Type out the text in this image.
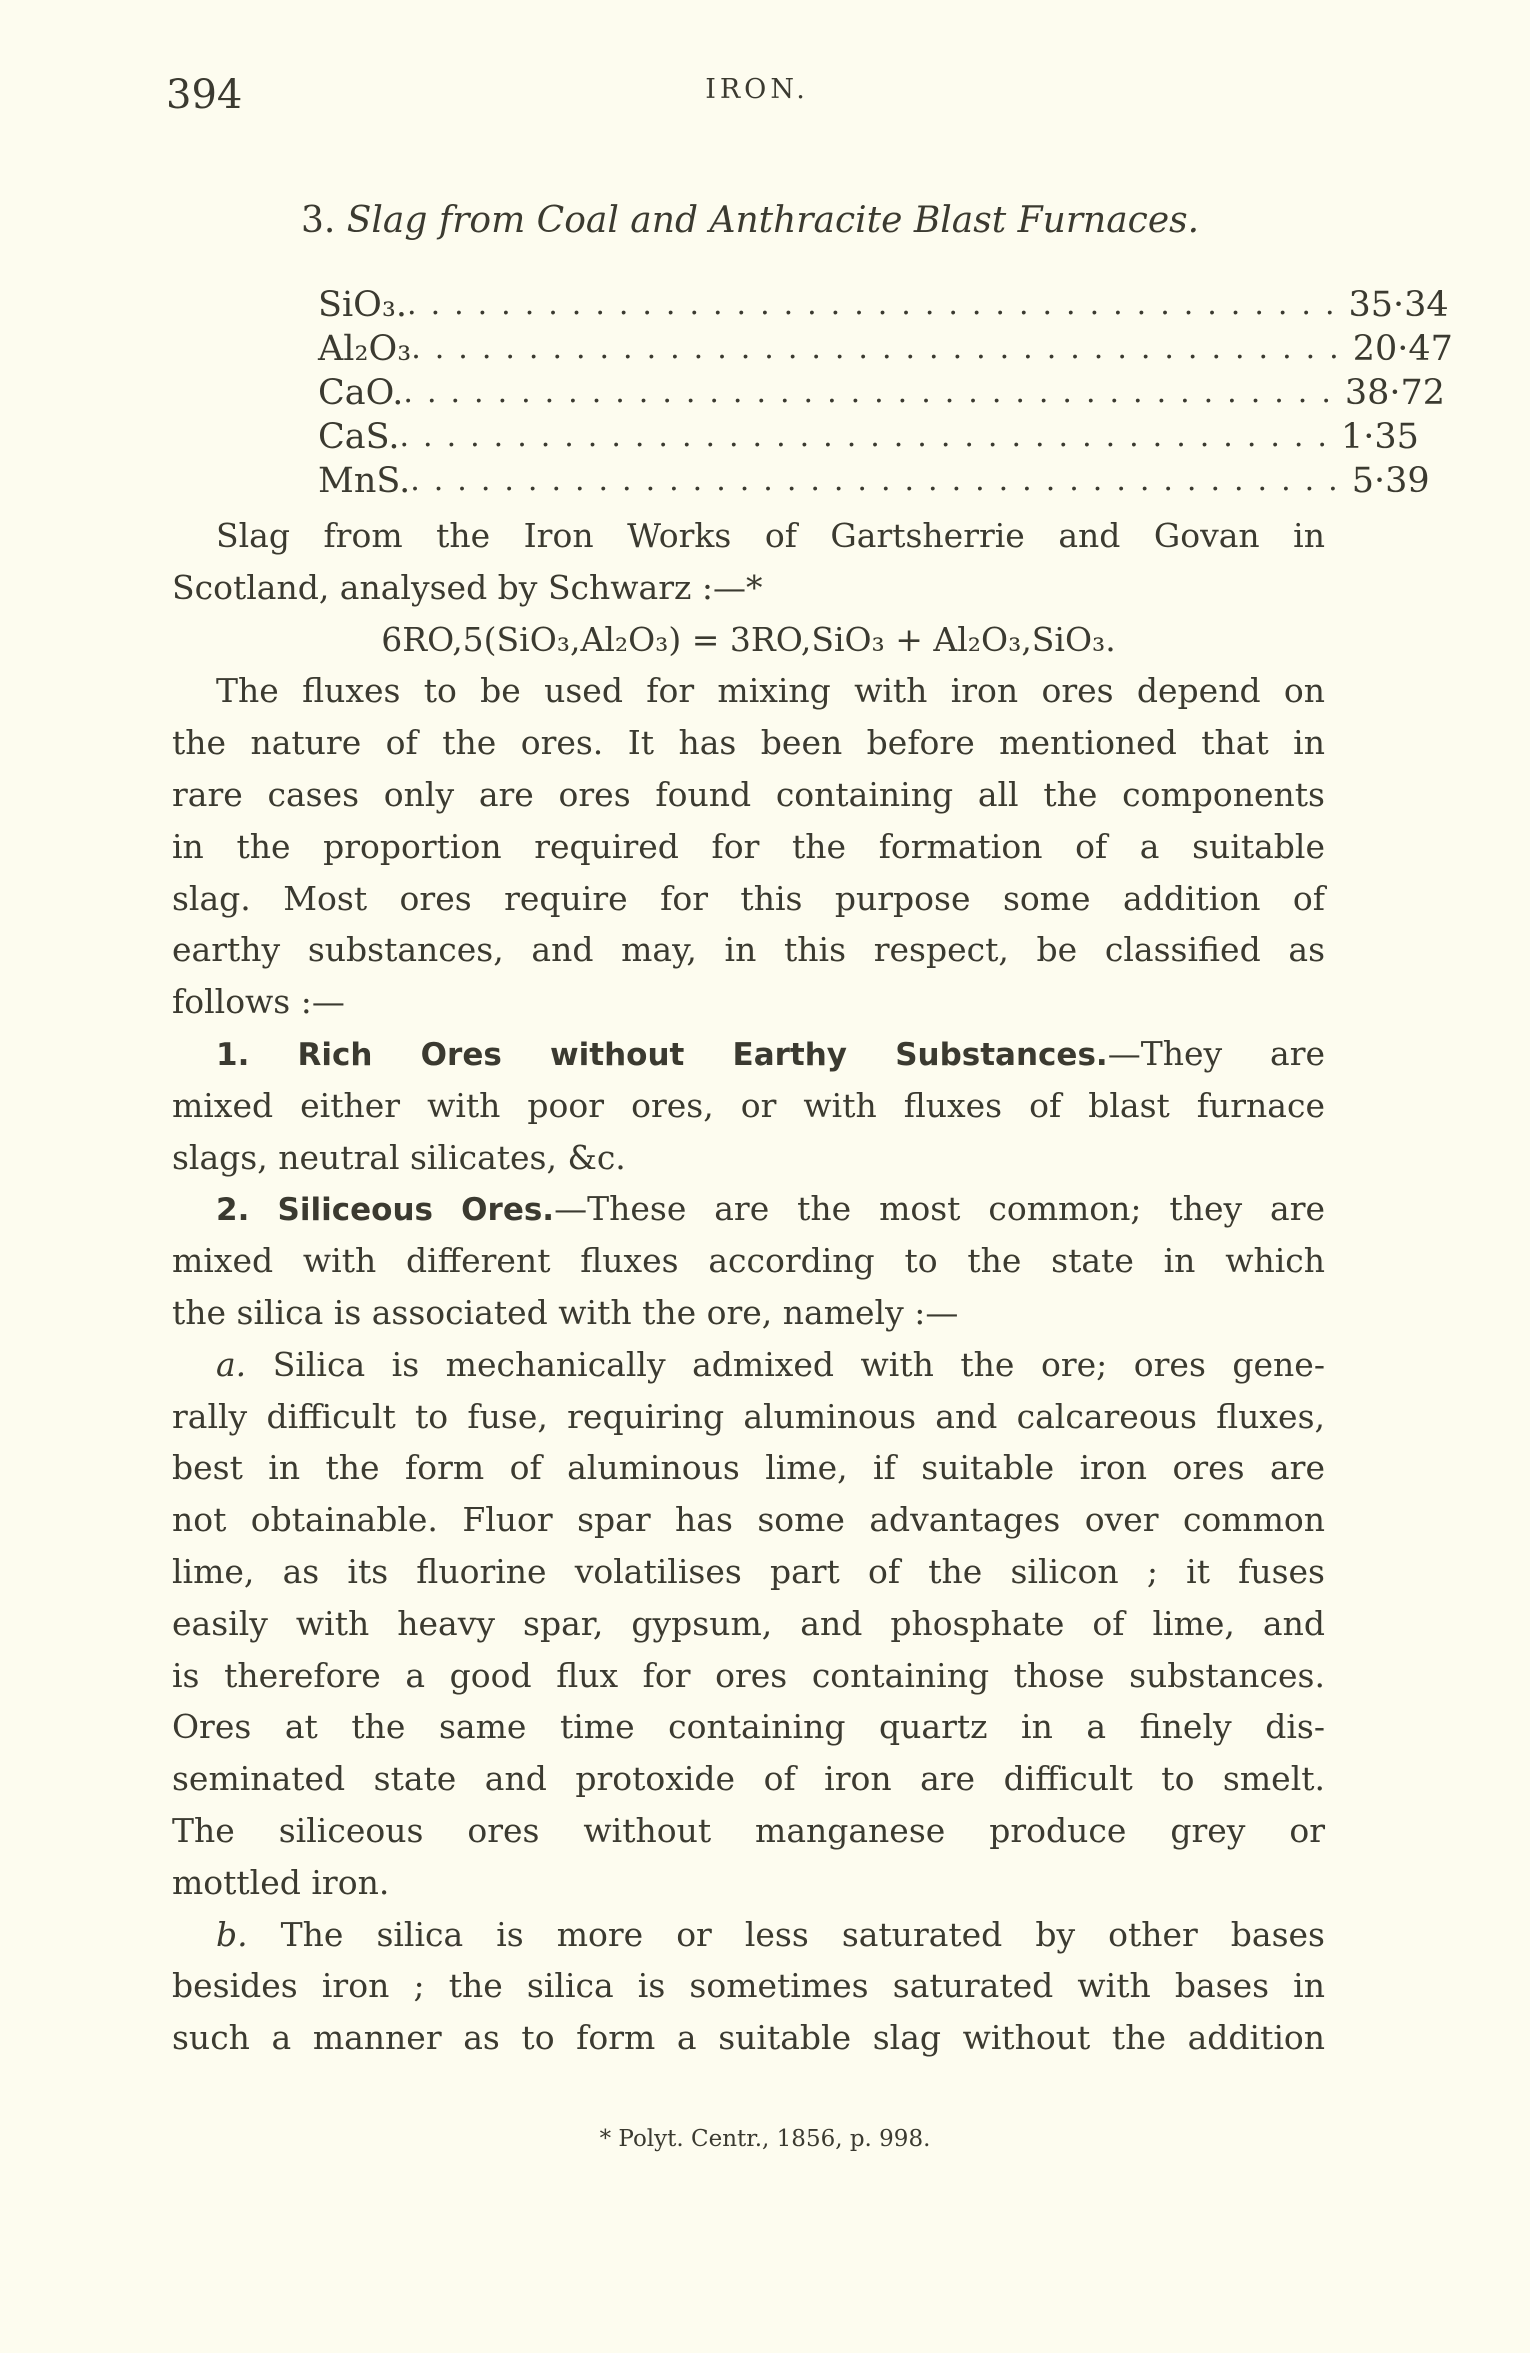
394	IRON.
3. Slag from Coal and Anthracite Blast Furnaces.
SiO₃. ........................................ 35·34
Al₂O₃ ........................................ 20·47
CaO. ........................................ 38·72
CaS. ........................................ 1·35
MnS. ........................................ 5·39
Slag from the Iron Works of Gartsherrie and Govan in
Scotland, analysed by Schwarz :—*
6RO,5(SiO₃,Al₂O₃) = 3RO,SiO₃ + Al₂O₃,SiO₃.
The fluxes to be used for mixing with iron ores depend on
the nature of the ores. It has been before mentioned that in
rare cases only are ores found containing all the components
in the proportion required for the formation of a suitable
slag. Most ores require for this purpose some addition of
earthy substances, and may, in this respect, be classified as
follows :—
1. Rich Ores without Earthy Substances.—They are
mixed either with poor ores, or with fluxes of blast furnace
slags, neutral silicates, &c.
2. Siliceous Ores.—These are the most common; they are
mixed with different fluxes according to the state in which
the silica is associated with the ore, namely :—
a. Silica is mechanically admixed with the ore; ores gene-
rally difficult to fuse, requiring aluminous and calcareous fluxes,
best in the form of aluminous lime, if suitable iron ores are
not obtainable. Fluor spar has some advantages over common
lime, as its fluorine volatilises part of the silicon ; it fuses
easily with heavy spar, gypsum, and phosphate of lime, and
is therefore a good flux for ores containing those substances.
Ores at the same time containing quartz in a finely dis-
seminated state and protoxide of iron are difficult to smelt.
The siliceous ores without manganese produce grey or
mottled iron.
b. The silica is more or less saturated by other bases
besides iron ; the silica is sometimes saturated with bases in
such a manner as to form a suitable slag without the addition
* Polyt. Centr., 1856, p. 998.
